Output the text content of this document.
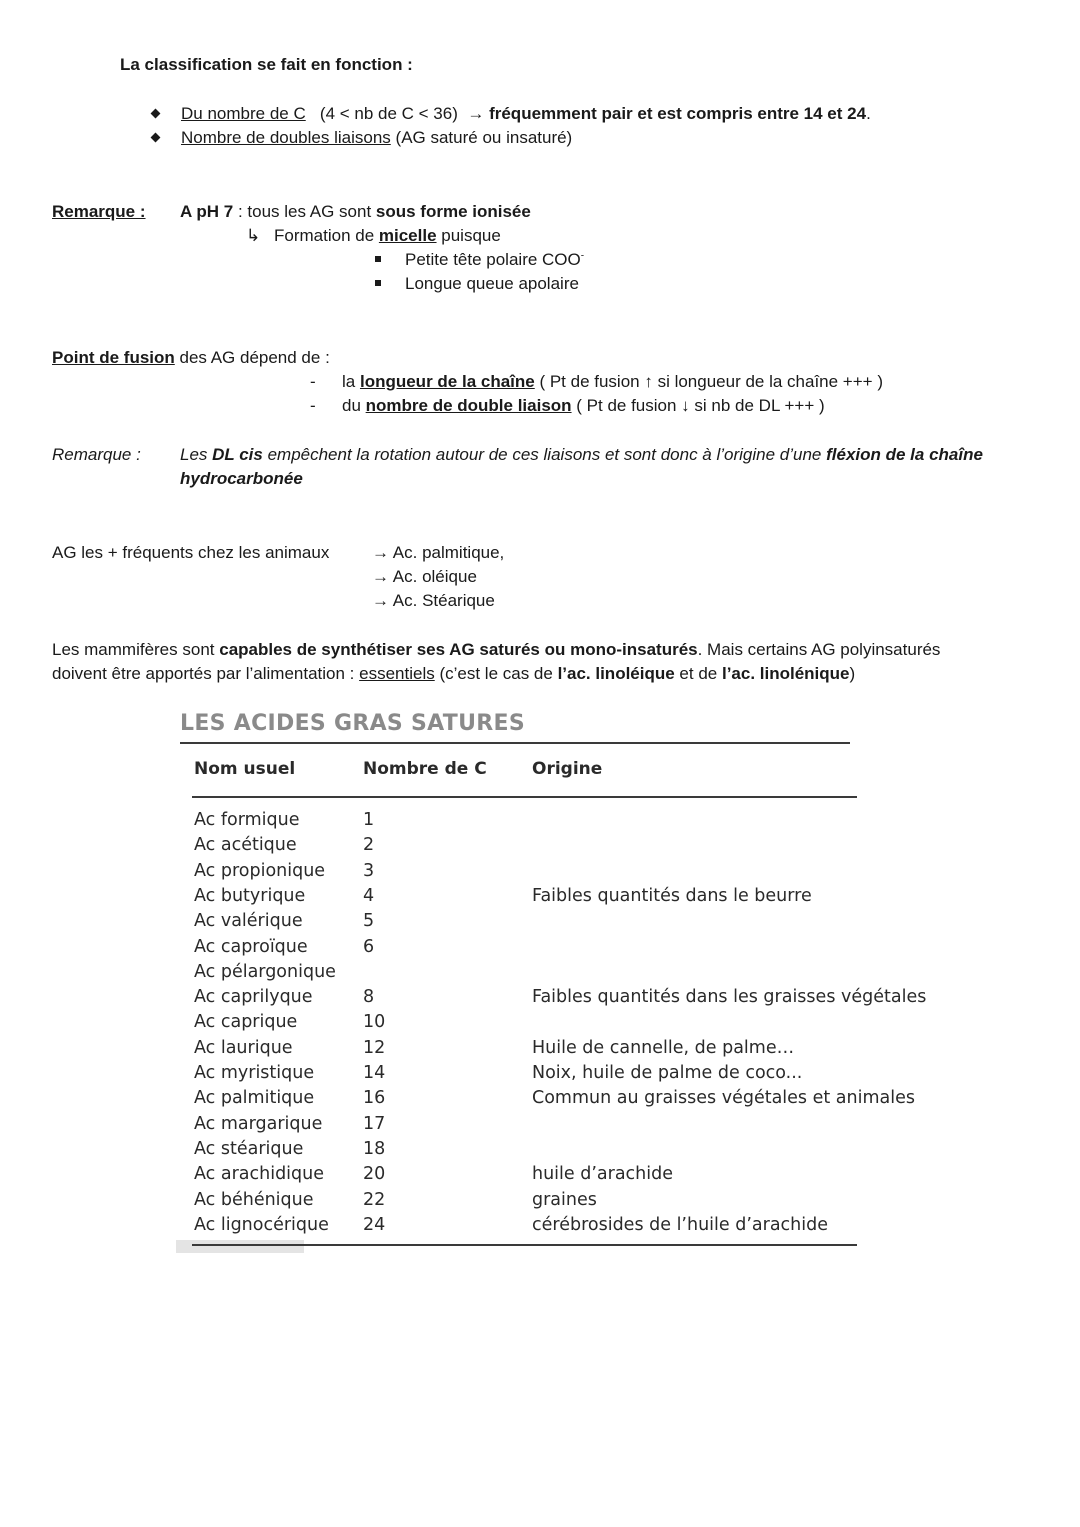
La classification se fait en fonction :
Du nombre de C (4 < nb de C < 36) → fréquemment pair et est compris entre 14 et 24.
Nombre de doubles liaisons (AG saturé ou insaturé)
Remarque : A pH 7 : tous les AG sont sous forme ionisée
↳ Formation de micelle puisque
Petite tête polaire COO-
Longue queue apolaire
Point de fusion des AG dépend de :
- la longueur de la chaîne ( Pt de fusion ↑ si longueur de la chaîne +++ )
- du nombre de double liaison ( Pt de fusion ↓ si nb de DL +++ )
Remarque : Les DL cis empêchent la rotation autour de ces liaisons et sont donc à l’origine d’une fléxion de la chaîne
hydrocarbonée
AG les + fréquents chez les animaux	→ Ac. palmitique,
→ Ac. oléique
→ Ac. Stéarique
Les mammifères sont capables de synthétiser ses AG saturés ou mono-insaturés. Mais certains AG polyinsaturés
doivent être apportés par l’alimentation : essentiels (c’est le cas de l’ac. linoléique et de l’ac. linolénique)
LES ACIDES GRAS SATURES
Nom usuel	Nombre de C	Origine
Ac formique	1
Ac acétique	2
Ac propionique 3
Ac butyrique	4	Faibles quantités dans le beurre
Ac valérique	5
Ac caproïque	6
Ac pélargonique
Ac caprilyque	8	Faibles quantités dans les graisses végétales
Ac caprique	10
Ac laurique	12	Huile de cannelle, de palme…
Ac myristique	14	Noix, huile de palme de coco...
Ac palmitique	16	Commun au graisses végétales et animales
Ac margarique 17
Ac stéarique	18
Ac arachidique 20	huile d’arachide
Ac béhénique	22	graines
Ac lignocérique 24	cérébrosides de l’huile d’arachide
